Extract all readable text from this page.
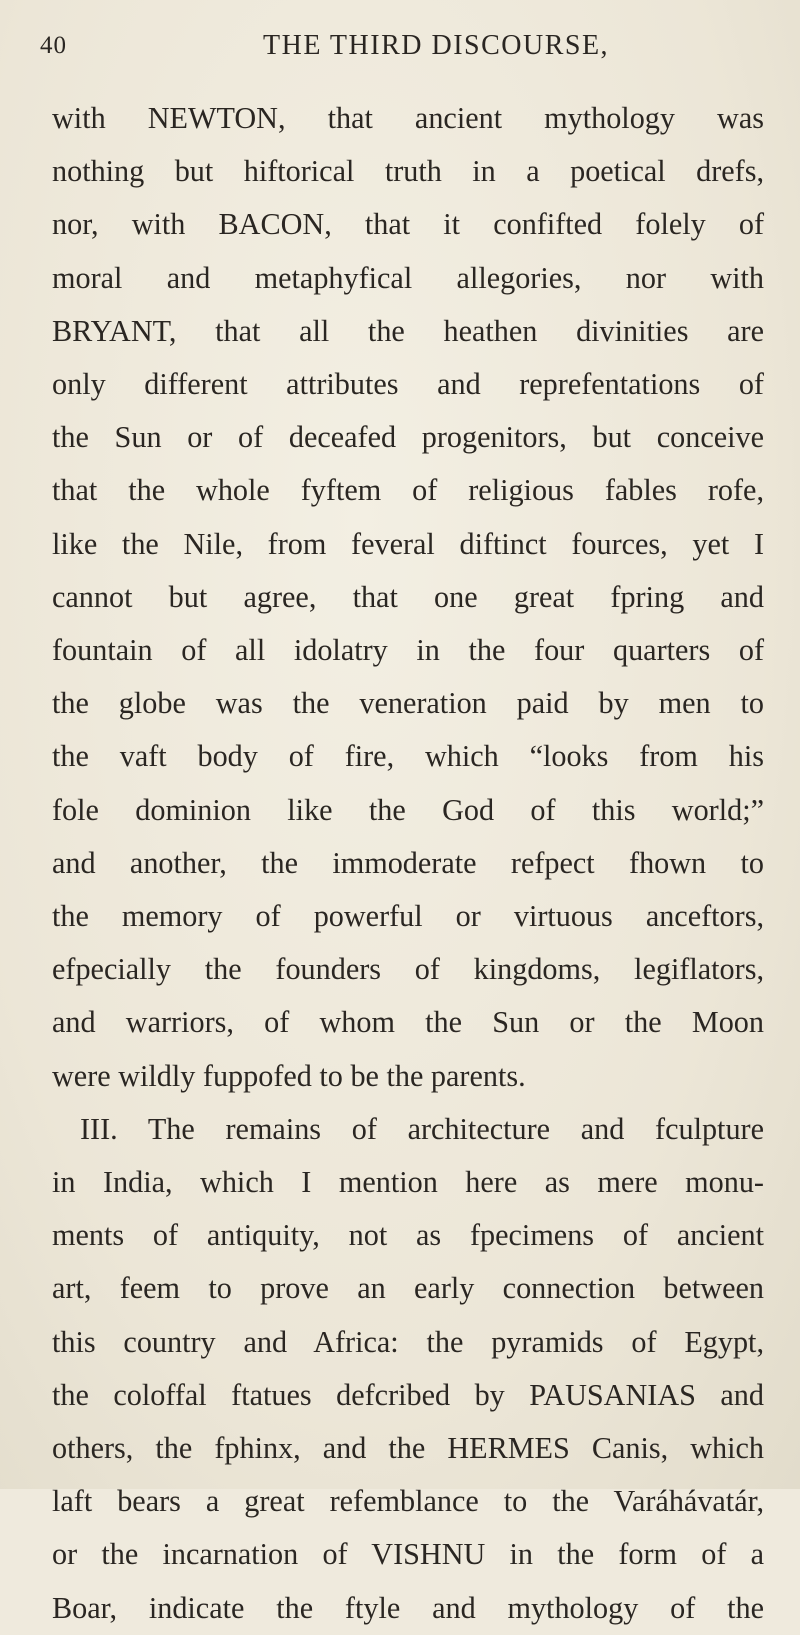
40	THE THIRD DISCOURSE,
with NEWTON, that ancient mythology was
nothing but hiftorical truth in a poetical drefs,
nor, with BACON, that it confifted folely of
moral and metaphyfical allegories, nor with
BRYANT, that all the heathen divinities are
only different attributes and reprefentations of
the Sun or of deceafed progenitors, but conceive
that the whole fyftem of religious fables rofe,
like the Nile, from feveral diftinct fources, yet I
cannot but agree, that one great fpring and
fountain of all idolatry in the four quarters of
the globe was the veneration paid by men to
the vaft body of fire, which “looks from his
fole dominion like the God of this world;”
and another, the immoderate refpect fhown to
the memory of powerful or virtuous anceftors,
efpecially the founders of kingdoms, legiflators,
and warriors, of whom the Sun or the Moon
were wildly fuppofed to be the parents.
III. The remains of architecture and fculpture
in India, which I mention here as mere monu-
ments of antiquity, not as fpecimens of ancient
art, feem to prove an early connection between
this country and Africa: the pyramids of Egypt,
the coloffal ftatues defcribed by PAUSANIAS and
others, the fphinx, and the HERMES Canis, which
laft bears a great refemblance to the Varáhávatár,
or the incarnation of VISHNU in the form of a
Boar, indicate the ftyle and mythology of the
